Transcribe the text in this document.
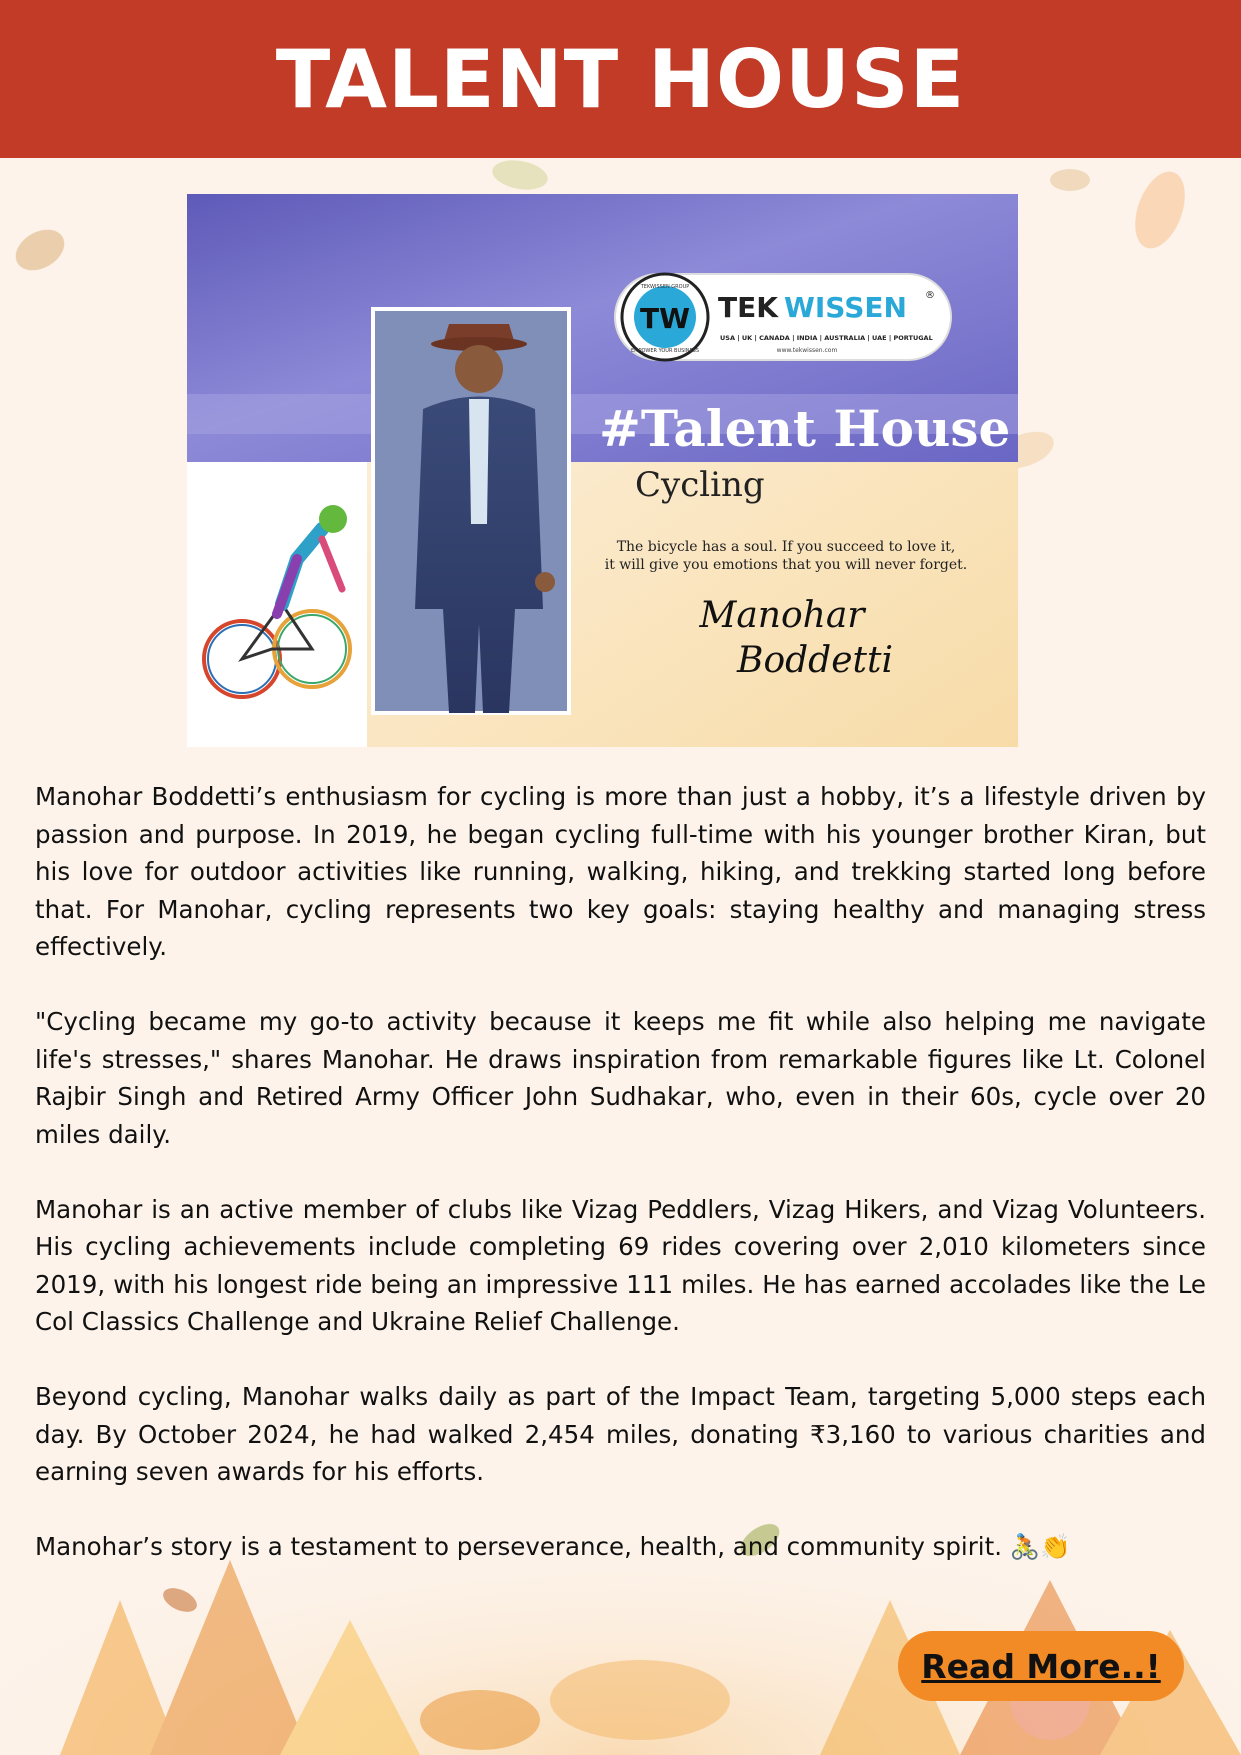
TALENT HOUSE
TW
TEKWISSEN GROUP
EMPOWER YOUR BUSINESS
TEK WISSEN ®
USA | UK | CANADA | INDIA | AUSTRALIA | UAE | PORTUGAL
www.tekwissen.com
#Talent House
Cycling
The bicycle has a soul. If you succeed to love it,
it will give you emotions that you will never forget.
Manohar
Boddetti

Manohar Boddetti’s enthusiasm for cycling is more than just a hobby, it’s a lifestyle driven by passion and purpose. In 2019, he began cycling full-time with his younger brother Kiran, but his love for outdoor activities like running, walking, hiking, and trekking started long before that. For Manohar, cycling represents two key goals: staying healthy and managing stress effectively.

"Cycling became my go-to activity because it keeps me fit while also helping me navigate life's stresses," shares Manohar. He draws inspiration from remarkable figures like Lt. Colonel Rajbir Singh and Retired Army Officer John Sudhakar, who, even in their 60s, cycle over 20 miles daily.

Manohar is an active member of clubs like Vizag Peddlers, Vizag Hikers, and Vizag Volunteers. His cycling achievements include completing 69 rides covering over 2,010 kilometers since 2019, with his longest ride being an impressive 111 miles. He has earned accolades like the Le Col Classics Challenge and Ukraine Relief Challenge.

Beyond cycling, Manohar walks daily as part of the Impact Team, targeting 5,000 steps each day. By October 2024, he had walked 2,454 miles, donating ₹3,160 to various charities and earning seven awards for his efforts.

Manohar’s story is a testament to perseverance, health, and community spirit. 🚴👏

Read More..!
